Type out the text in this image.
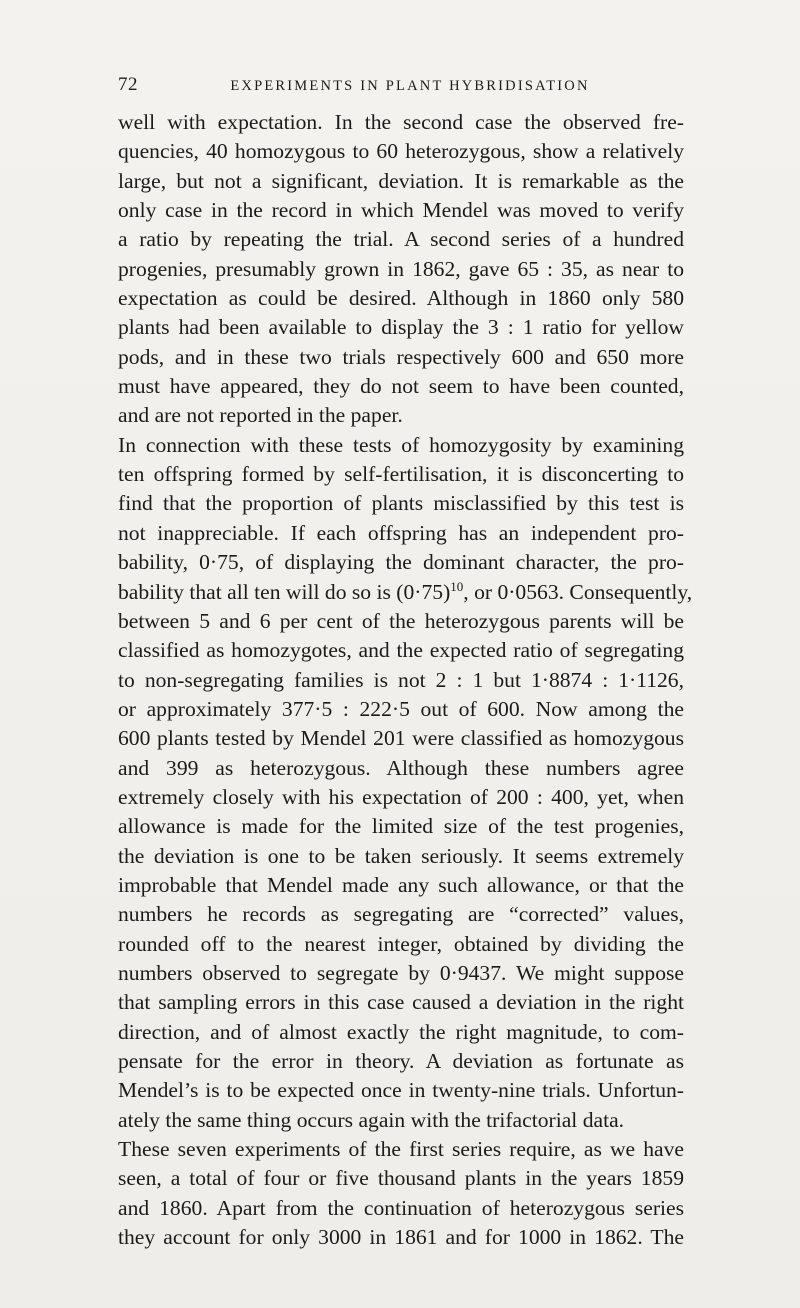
72	EXPERIMENTS IN PLANT HYBRIDISATION

well with expectation. In the second case the observed fre-
quencies, 40 homozygous to 60 heterozygous, show a relatively
large, but not a significant, deviation. It is remarkable as the
only case in the record in which Mendel was moved to verify
a ratio by repeating the trial. A second series of a hundred
progenies, presumably grown in 1862, gave 65 : 35, as near to
expectation as could be desired. Although in 1860 only 580
plants had been available to display the 3 : 1 ratio for yellow
pods, and in these two trials respectively 600 and 650 more
must have appeared, they do not seem to have been counted,
and are not reported in the paper.

In connection with these tests of homozygosity by examining
ten offspring formed by self-fertilisation, it is disconcerting to
find that the proportion of plants misclassified by this test is
not inappreciable. If each offspring has an independent pro-
bability, 0·75, of displaying the dominant character, the pro-
bability that all ten will do so is $(0\cdot 75)^{10}$, or 0·0563. Consequently,
between 5 and 6 per cent of the heterozygous parents will be
classified as homozygotes, and the expected ratio of segregating
to non-segregating families is not 2 : 1 but 1·8874 : 1·1126,
or approximately 377·5 : 222·5 out of 600. Now among the
600 plants tested by Mendel 201 were classified as homozygous
and 399 as heterozygous. Although these numbers agree
extremely closely with his expectation of 200 : 400, yet, when
allowance is made for the limited size of the test progenies,
the deviation is one to be taken seriously. It seems extremely
improbable that Mendel made any such allowance, or that the
numbers he records as segregating are “corrected” values,
rounded off to the nearest integer, obtained by dividing the
numbers observed to segregate by 0·9437. We might suppose
that sampling errors in this case caused a deviation in the right
direction, and of almost exactly the right magnitude, to com-
pensate for the error in theory. A deviation as fortunate as
Mendel’s is to be expected once in twenty-nine trials. Unfortun-
ately the same thing occurs again with the trifactorial data.

These seven experiments of the first series require, as we have
seen, a total of four or five thousand plants in the years 1859
and 1860. Apart from the continuation of heterozygous series
they account for only 3000 in 1861 and for 1000 in 1862. The
